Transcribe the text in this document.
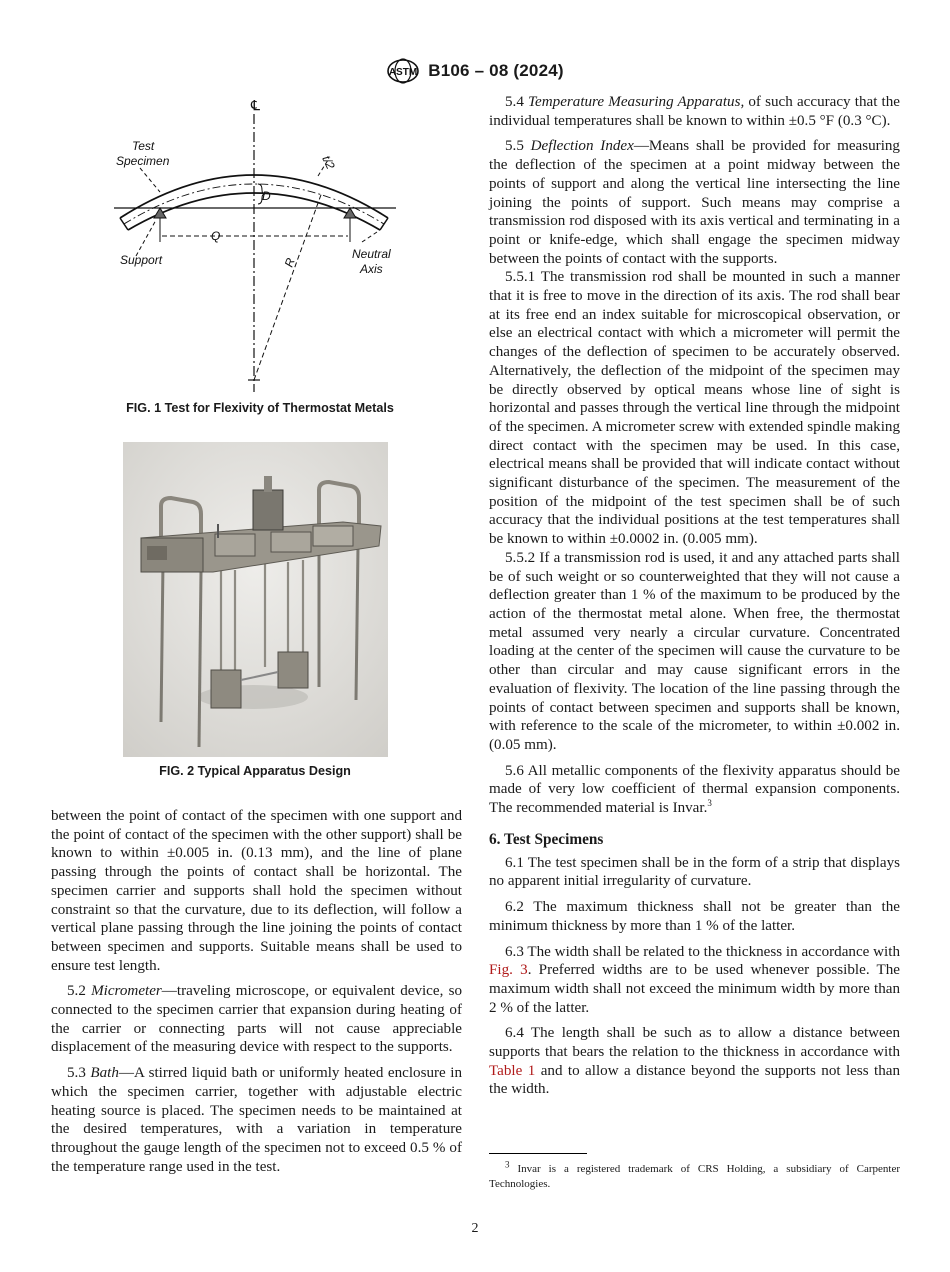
ASTM B106 – 08 (2024)
℄
Test
Specimen
D
Q
R
t/2
Support	Neutral
Axis
FIG. 1 Test for Flexivity of Thermostat Metals
FIG. 2 Typical Apparatus Design

between the point of contact of the specimen with one support and the point of contact of the specimen with the other support) shall be known to within ±0.005 in. (0.13 mm), and the line of plane passing through the points of contact shall be horizontal. The specimen carrier and supports shall hold the specimen without constraint so that the curvature, due to its deflection, will follow a vertical plane passing through the line joining the points of contact between specimen and supports. Suitable means shall be used to ensure test length.

5.2 Micrometer—traveling microscope, or equivalent device, so connected to the specimen carrier that expansion during heating of the carrier or connecting parts will not cause appreciable displacement of the measuring device with respect to the supports.

5.3 Bath—A stirred liquid bath or uniformly heated enclosure in which the specimen carrier, together with adjustable electric heating source is placed. The specimen needs to be maintained at the desired temperatures, with a variation in temperature throughout the gauge length of the specimen not to exceed 0.5 % of the temperature range used in the test.

5.4 Temperature Measuring Apparatus, of such accuracy that the individual temperatures shall be known to within ±0.5 °F (0.3 °C).

5.5 Deflection Index—Means shall be provided for measuring the deflection of the specimen at a point midway between the points of support and along the vertical line intersecting the line joining the points of support. Such means may comprise a transmission rod disposed with its axis vertical and terminating in a point or knife-edge, which shall engage the specimen midway between the points of contact with the supports.

5.5.1 The transmission rod shall be mounted in such a manner that it is free to move in the direction of its axis. The rod shall bear at its free end an index suitable for microscopical observation, or else an electrical contact with which a micrometer will permit the changes of the deflection of specimen to be accurately observed. Alternatively, the deflection of the midpoint of the specimen may be directly observed by optical means whose line of sight is horizontal and passes through the vertical line through the midpoint of the specimen. A micrometer screw with extended spindle making direct contact with the specimen may be used. In this case, electrical means shall be provided that will indicate contact without significant disturbance of the specimen. The measurement of the position of the midpoint of the test specimen shall be of such accuracy that the individual positions at the test temperatures shall be known to within ±0.0002 in. (0.005 mm).

5.5.2 If a transmission rod is used, it and any attached parts shall be of such weight or so counterweighted that they will not cause a deflection greater than 1 % of the maximum to be produced by the action of the thermostat metal alone. When free, the thermostat metal assumed very nearly a circular curvature. Concentrated loading at the center of the specimen will cause the curvature to be other than circular and may cause significant errors in the evaluation of flexivity. The location of the line passing through the points of contact between specimen and supports shall be known, with reference to the scale of the micrometer, to within ±0.002 in. (0.05 mm).

5.6 All metallic components of the flexivity apparatus should be made of very low coefficient of thermal expansion components. The recommended material is Invar.$^3$

6. Test Specimens

6.1 The test specimen shall be in the form of a strip that displays no apparent initial irregularity of curvature.

6.2 The maximum thickness shall not be greater than the minimum thickness by more than 1 % of the latter.

6.3 The width shall be related to the thickness in accordance with Fig. 3. Preferred widths are to be used whenever possible. The maximum width shall not exceed the minimum width by more than 2 % of the latter.

6.4 The length shall be such as to allow a distance between supports that bears the relation to the thickness in accordance with Table 1 and to allow a distance beyond the supports not less than the width.

$^3$ Invar is a registered trademark of CRS Holding, a subsidiary of Carpenter Technologies.
2
